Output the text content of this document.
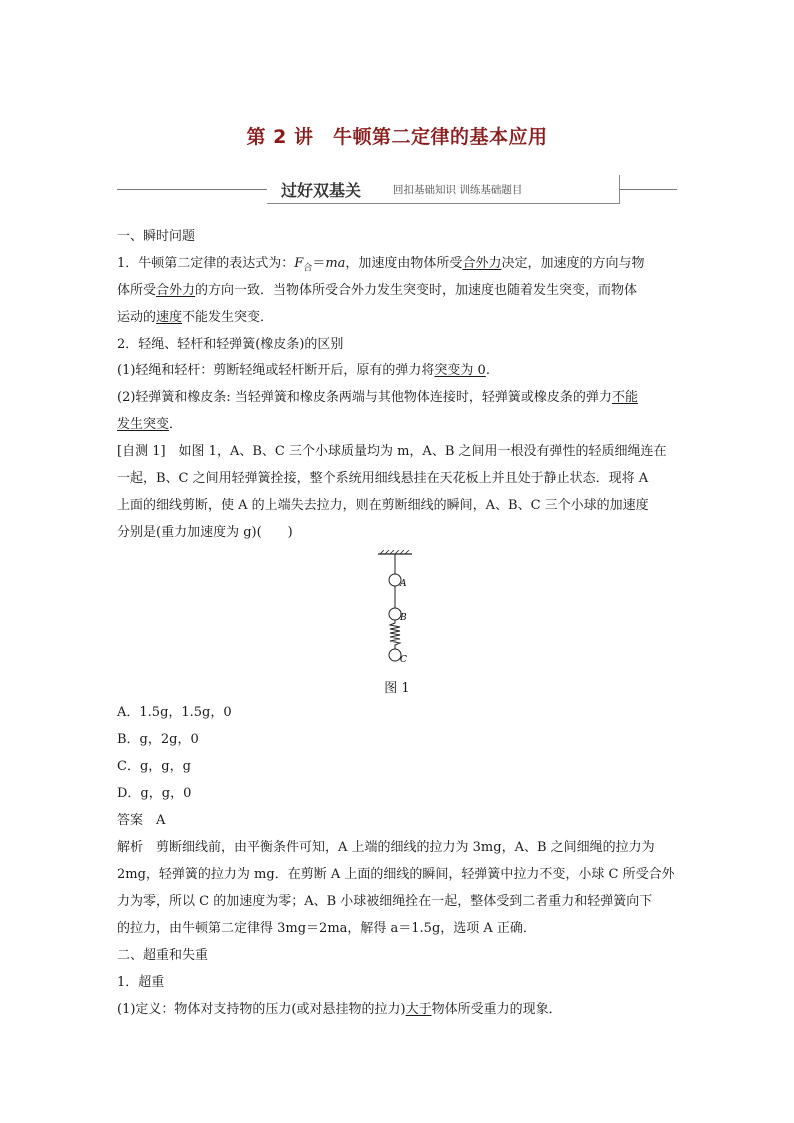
第 2 讲　牛顿第二定律的基本应用
过好双基关	回扣基础知识 训练基础题目
一、瞬时问题
1．牛顿第二定律的表达式为：$F_合=ma$，加速度由物体所受合外力决定，加速度的方向与物
体所受合外力的方向一致．当物体所受合外力发生突变时，加速度也随着发生突变，而物体
运动的速度不能发生突变．
2．轻绳、轻杆和轻弹簧(橡皮条)的区别
(1)轻绳和轻杆：剪断轻绳或轻杆断开后，原有的弹力将突变为 0.
(2)轻弹簧和橡皮条: 当轻弹簧和橡皮条两端与其他物体连接时，轻弹簧或橡皮条的弹力不能
发生突变．
[自测 1]　如图 1，A、B、C 三个小球质量均为 m，A、B 之间用一根没有弹性的轻质细绳连在
一起，B、C 之间用轻弹簧拴接，整个系统用细线悬挂在天花板上并且处于静止状态．现将 A
上面的细线剪断，使 A 的上端失去拉力，则在剪断细线的瞬间，A、B、C 三个小球的加速度
分别是(重力加速度为 g)(　　)
A
B
C
图 1
A．1.5g，1.5g，0
B．g，2g，0
C．g，g，g
D．g，g，0
答案　A
解析　剪断细线前，由平衡条件可知，A 上端的细线的拉力为 3mg，A、B 之间细绳的拉力为
2mg，轻弹簧的拉力为 mg．在剪断 A 上面的细线的瞬间，轻弹簧中拉力不变，小球 C 所受合外
力为零，所以 C 的加速度为零；A、B 小球被细绳拴在一起，整体受到二者重力和轻弹簧向下
的拉力，由牛顿第二定律得 3mg＝2ma，解得 a＝1.5g，选项 A 正确．
二、超重和失重
1．超重
(1)定义：物体对支持物的压力(或对悬挂物的拉力)大于物体所受重力的现象．
